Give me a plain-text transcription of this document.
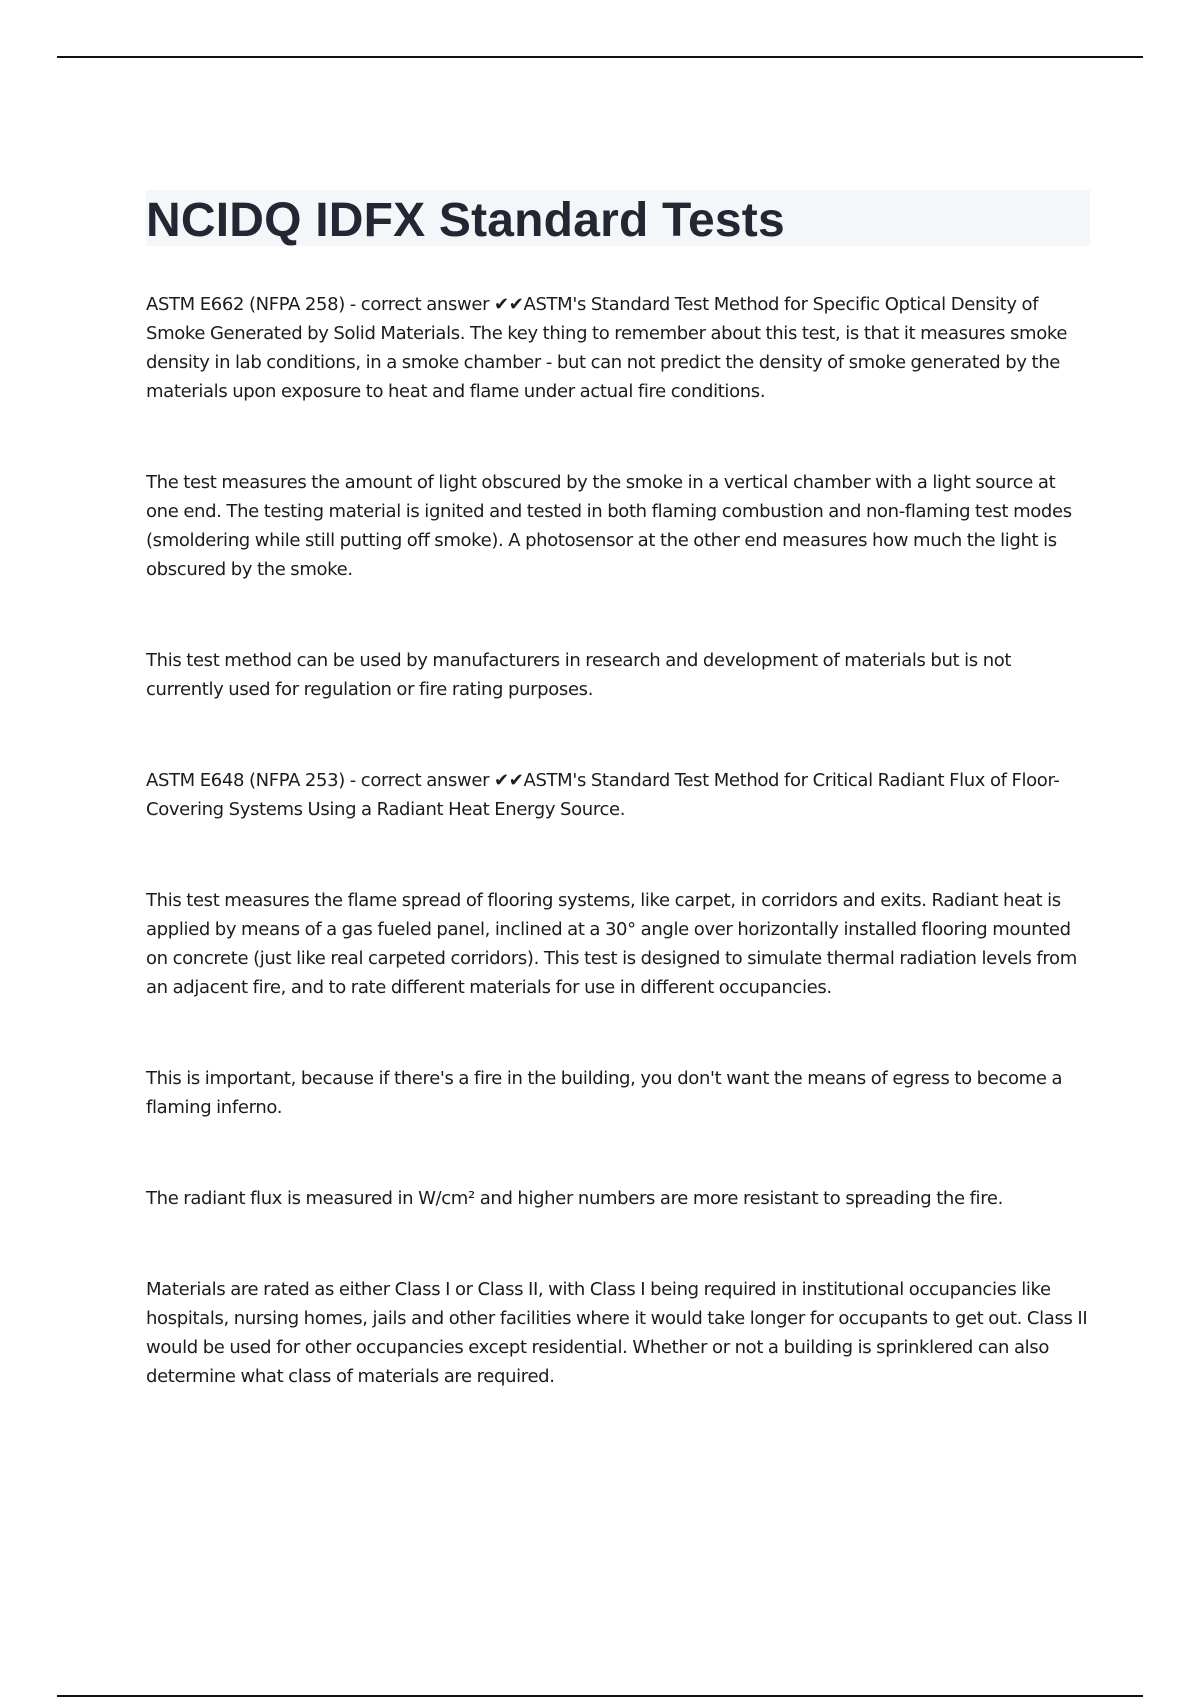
NCIDQ IDFX Standard Tests

ASTM E662 (NFPA 258) - correct answer ✔✔ASTM's Standard Test Method for Specific Optical Density of Smoke Generated by Solid Materials. The key thing to remember about this test, is that it measures smoke density in lab conditions, in a smoke chamber - but can not predict the density of smoke generated by the materials upon exposure to heat and flame under actual fire conditions.

The test measures the amount of light obscured by the smoke in a vertical chamber with a light source at one end. The testing material is ignited and tested in both flaming combustion and non-flaming test modes (smoldering while still putting off smoke). A photosensor at the other end measures how much the light is obscured by the smoke.

This test method can be used by manufacturers in research and development of materials but is not currently used for regulation or fire rating purposes.

ASTM E648 (NFPA 253) - correct answer ✔✔ASTM's Standard Test Method for Critical Radiant Flux of Floor-Covering Systems Using a Radiant Heat Energy Source.

This test measures the flame spread of flooring systems, like carpet, in corridors and exits. Radiant heat is applied by means of a gas fueled panel, inclined at a 30° angle over horizontally installed flooring mounted on concrete (just like real carpeted corridors). This test is designed to simulate thermal radiation levels from an adjacent fire, and to rate different materials for use in different occupancies.

This is important, because if there's a fire in the building, you don't want the means of egress to become a flaming inferno.

The radiant flux is measured in W/cm² and higher numbers are more resistant to spreading the fire.

Materials are rated as either Class I or Class II, with Class I being required in institutional occupancies like hospitals, nursing homes, jails and other facilities where it would take longer for occupants to get out. Class II would be used for other occupancies except residential. Whether or not a building is sprinklered can also determine what class of materials are required.
